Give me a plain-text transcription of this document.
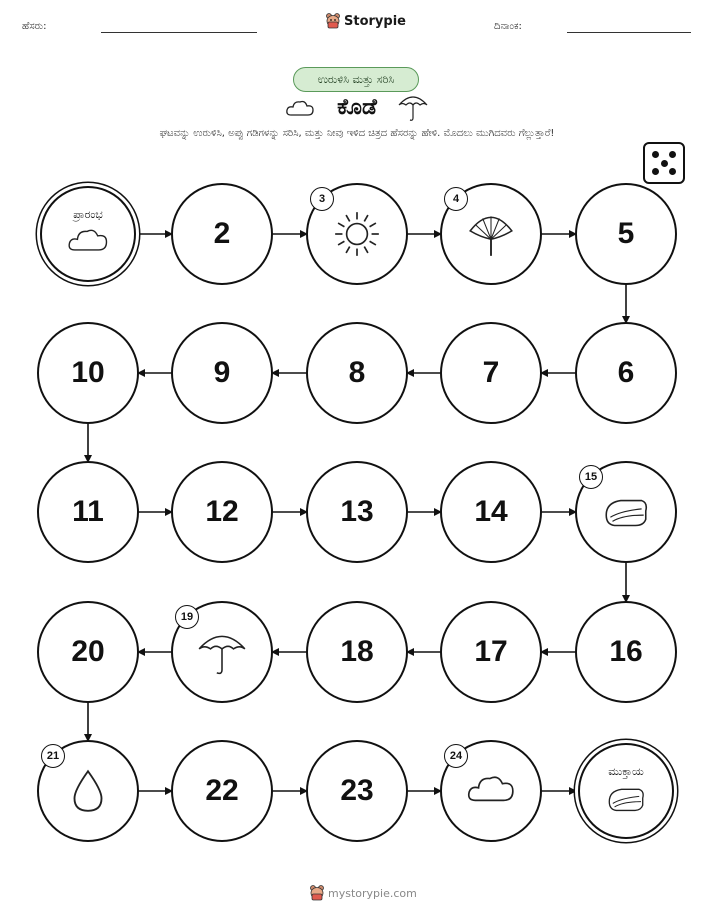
ಹೆಸರು:	Storypie	ದಿನಾಂಕ:
ಉರುಳಿಸಿ ಮತ್ತು ಸರಿಸಿ
ಕೊಡೆ
ಘಟವನ್ನು ಉರುಳಿಸಿ, ಅಪ್ಪು ಗಡಿಗಳನ್ನು ಸರಿಸಿ, ಮತ್ತು ನೀವು ಇಳಿದ ಚಿತ್ರದ ಹೆಸರನ್ನು ಹೇಳಿ. ಮೊದಲು ಮುಗಿದವರು ಗೆಲ್ಲುತ್ತಾರೆ!
ಪ್ರಾರಂಭ
2
3	4
5
6
7
8
9
10
11	12	13	14
15
16
17
18
19
20
21
22	23
24
ಮುಕ್ತಾಯ
mystorypie.com
